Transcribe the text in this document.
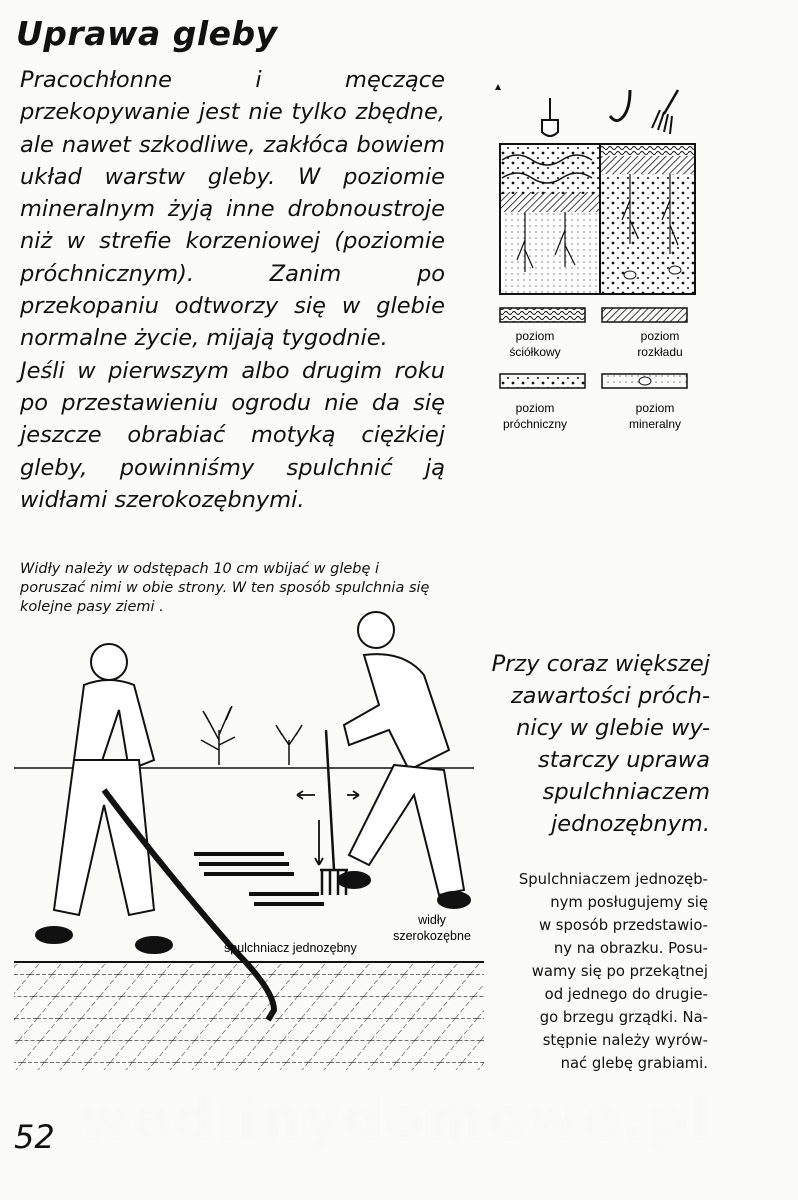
Uprawa gleby

Pracochłonne i męczące przekopywanie jest nie tylko zbędne, ale nawet szkodliwe, zakłóca bowiem układ warstw gleby. W poziomie mineralnym żyją inne drobnoustroje niż w strefie korzeniowej (poziomie próchnicznym). Zanim po przekopaniu odtworzy się w glebie normalne życie, mijają tygodnie.

Jeśli w pierwszym albo drugim roku po przestawieniu ogrodu nie da się jeszcze obrabiać motyką ciężkiej gleby, powinniśmy spulchnić ją widłami szerokozębnymi.

Widły należy w odstępach 10 cm wbijać w glebę i poruszać nimi w obie strony. W ten sposób spulchnia się kolejne pasy ziemi .
poziom
ściółkowy
poziom
rozkładu
poziom
próchniczny
poziom
mineralny
Przy coraz większej
zawartości próch-
nicy w glebie wy-
starczy uprawa
spulchniaczem
jednozębnym.
Spulchniaczem jednozęb-
nym posługujemy się
w sposób przedstawio-
ny na obrazku. Posu-
wamy się po przekątnej
od jednego do drugie-
go brzegu grządki. Na-
stępnie należy wyrów-
nać glebę grabiami.
spulchniacz jednozębny
widły
szerokozębne
wedlinydomowe.pl
52
